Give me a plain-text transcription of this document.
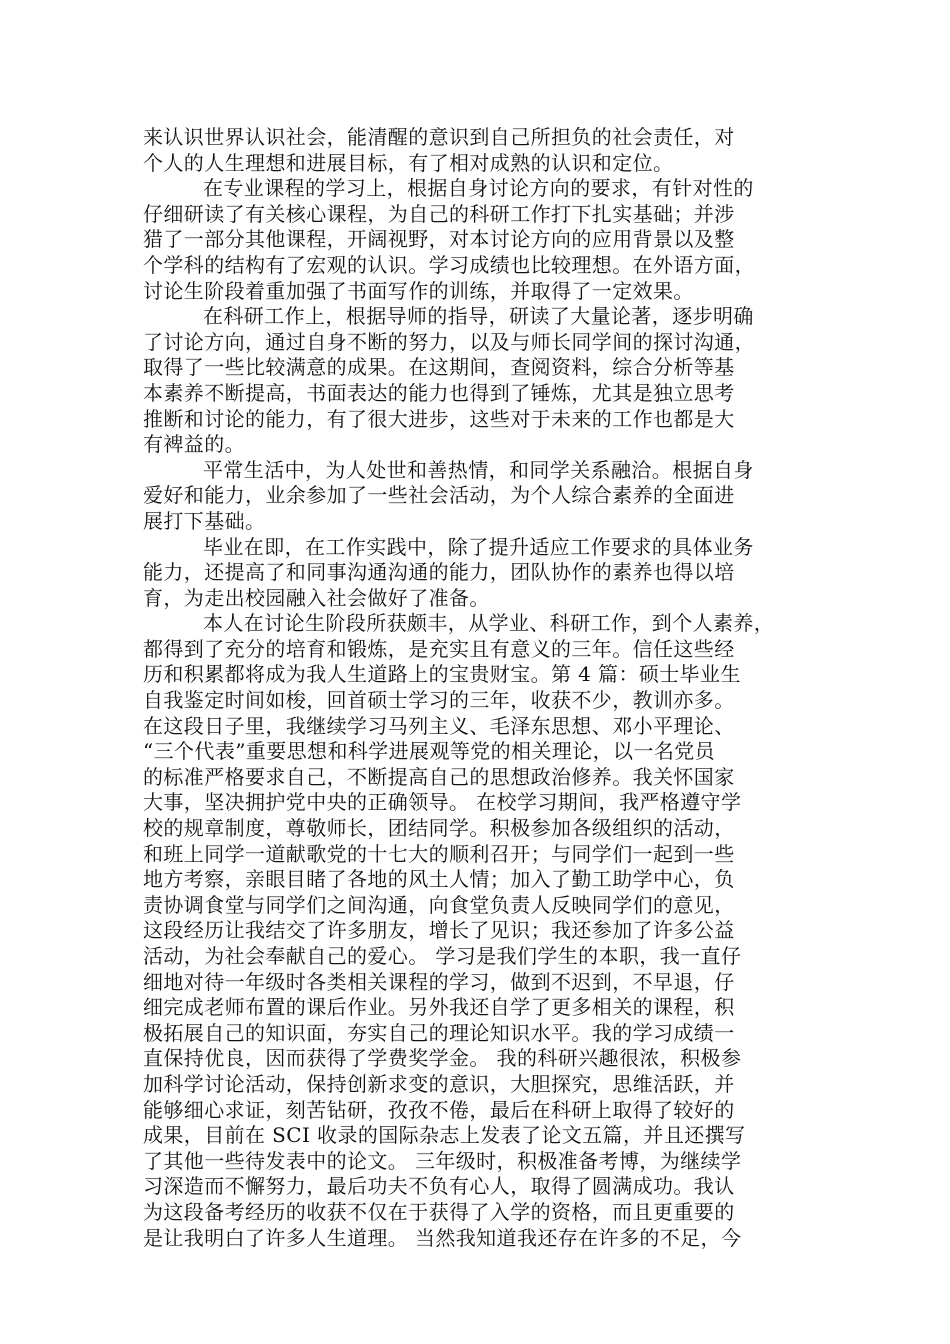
来认识世界认识社会，能清醒的意识到自己所担负的社会责任，对
个人的人生理想和进展目标，有了相对成熟的认识和定位。
在专业课程的学习上，根据自身讨论方向的要求，有针对性的
仔细研读了有关核心课程，为自己的科研工作打下扎实基础；并涉
猎了一部分其他课程，开阔视野，对本讨论方向的应用背景以及整
个学科的结构有了宏观的认识。学习成绩也比较理想。在外语方面，
讨论生阶段着重加强了书面写作的训练，并取得了一定效果。
在科研工作上，根据导师的指导，研读了大量论著，逐步明确
了讨论方向，通过自身不断的努力，以及与师长同学间的探讨沟通，
取得了一些比较满意的成果。在这期间，查阅资料，综合分析等基
本素养不断提高，书面表达的能力也得到了锤炼，尤其是独立思考
推断和讨论的能力，有了很大进步，这些对于未来的工作也都是大
有裨益的。
平常生活中，为人处世和善热情，和同学关系融洽。根据自身
爱好和能力，业余参加了一些社会活动，为个人综合素养的全面进
展打下基础。
毕业在即，在工作实践中，除了提升适应工作要求的具体业务
能力，还提高了和同事沟通沟通的能力，团队协作的素养也得以培
育，为走出校园融入社会做好了准备。
本人在讨论生阶段所获颇丰，从学业、科研工作，到个人素养，
都得到了充分的培育和锻炼，是充实且有意义的三年。信任这些经
历和积累都将成为我人生道路上的宝贵财宝。第 4 篇：硕士毕业生
自我鉴定时间如梭，回首硕士学习的三年，收获不少，教训亦多。
在这段日子里，我继续学习马列主义、毛泽东思想、邓小平理论、
“三个代表”重要思想和科学进展观等党的相关理论，以一名党员
的标准严格要求自己，不断提高自己的思想政治修养。我关怀国家
大事，坚决拥护党中央的正确领导。 在校学习期间，我严格遵守学
校的规章制度，尊敬师长，团结同学。积极参加各级组织的活动，
和班上同学一道献歌党的十七大的顺利召开；与同学们一起到一些
地方考察，亲眼目睹了各地的风土人情；加入了勤工助学中心，负
责协调食堂与同学们之间沟通，向食堂负责人反映同学们的意见，
这段经历让我结交了许多朋友，增长了见识；我还参加了许多公益
活动，为社会奉献自己的爱心。 学习是我们学生的本职，我一直仔
细地对待一年级时各类相关课程的学习，做到不迟到，不早退，仔
细完成老师布置的课后作业。另外我还自学了更多相关的课程，积
极拓展自己的知识面，夯实自己的理论知识水平。我的学习成绩一
直保持优良，因而获得了学费奖学金。 我的科研兴趣很浓，积极参
加科学讨论活动，保持创新求变的意识，大胆探究，思维活跃，并
能够细心求证，刻苦钻研，孜孜不倦，最后在科研上取得了较好的
成果，目前在 SCI 收录的国际杂志上发表了论文五篇，并且还撰写
了其他一些待发表中的论文。 三年级时，积极准备考博，为继续学
习深造而不懈努力，最后功夫不负有心人，取得了圆满成功。我认
为这段备考经历的收获不仅在于获得了入学的资格，而且更重要的
是让我明白了许多人生道理。 当然我知道我还存在许多的不足，今
